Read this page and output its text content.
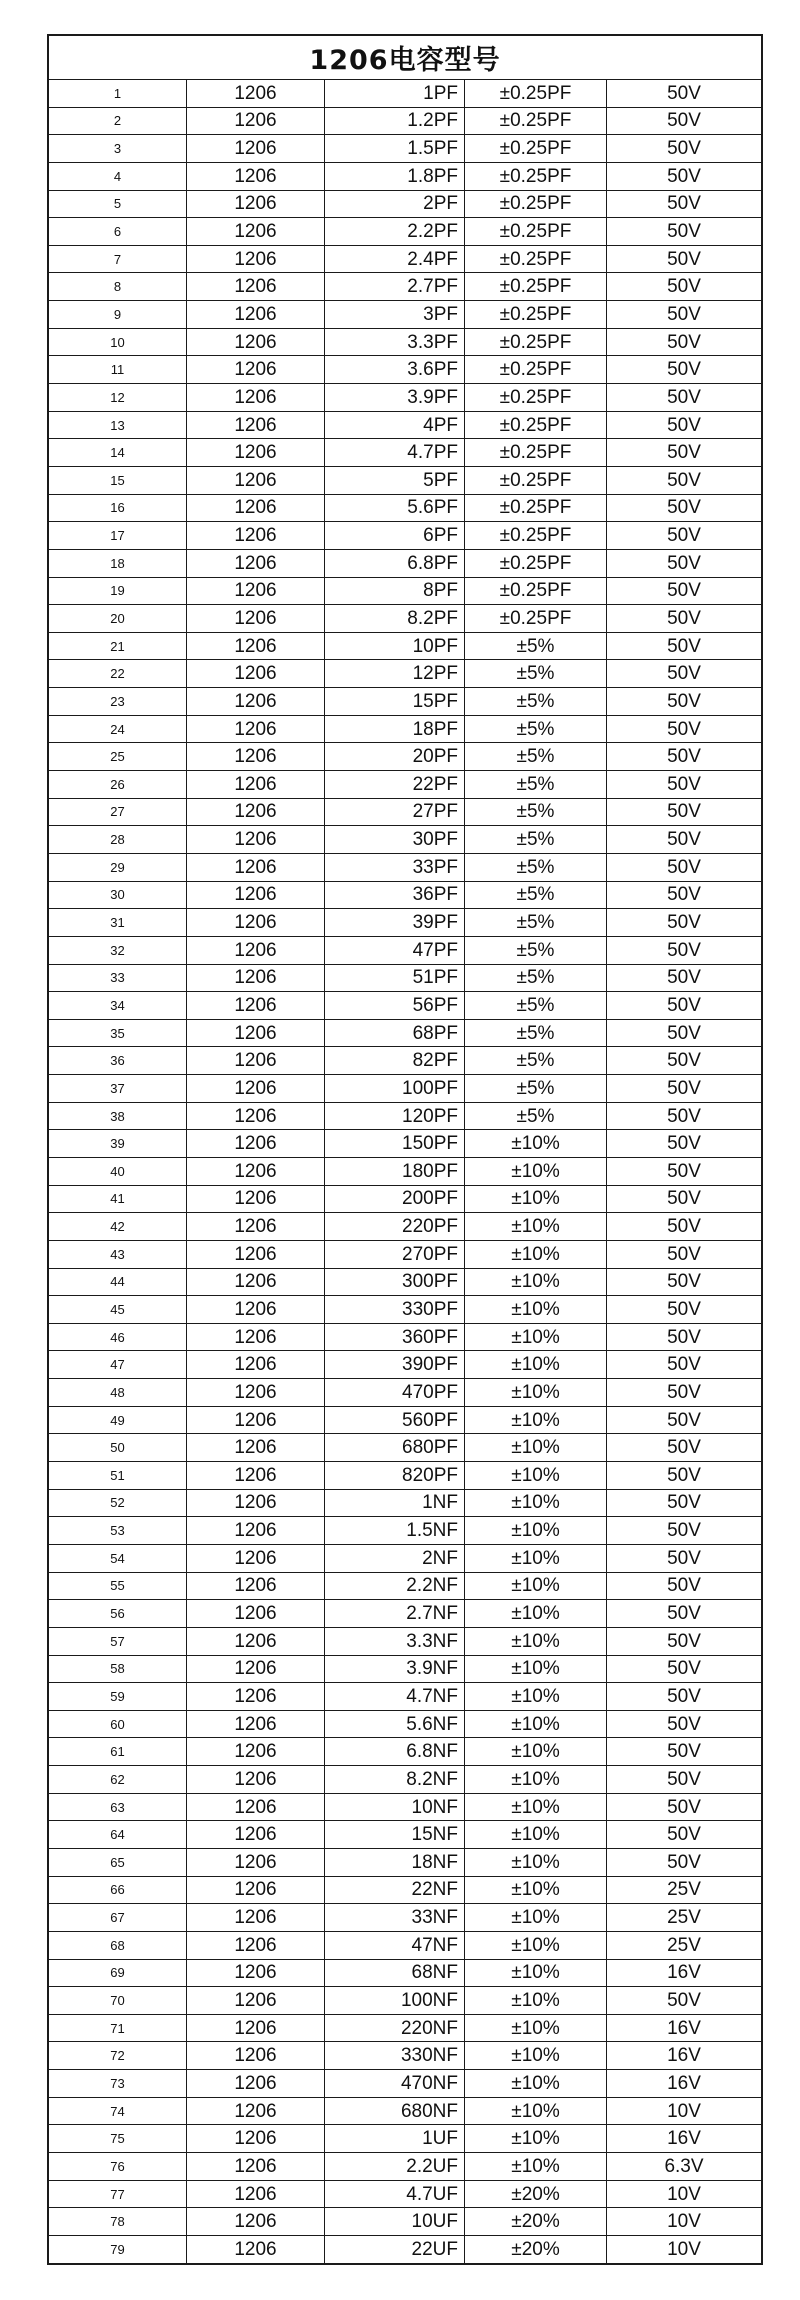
1206电容型号
1	1206	1PF	±0.25PF	50V
2	1206	1.2PF	±0.25PF	50V
3	1206	1.5PF	±0.25PF	50V
4	1206	1.8PF	±0.25PF	50V
5	1206	2PF	±0.25PF	50V
6	1206	2.2PF	±0.25PF	50V
7	1206	2.4PF	±0.25PF	50V
8	1206	2.7PF	±0.25PF	50V
9	1206	3PF	±0.25PF	50V
10	1206	3.3PF	±0.25PF	50V
11	1206	3.6PF	±0.25PF	50V
12	1206	3.9PF	±0.25PF	50V
13	1206	4PF	±0.25PF	50V
14	1206	4.7PF	±0.25PF	50V
15	1206	5PF	±0.25PF	50V
16	1206	5.6PF	±0.25PF	50V
17	1206	6PF	±0.25PF	50V
18	1206	6.8PF	±0.25PF	50V
19	1206	8PF	±0.25PF	50V
20	1206	8.2PF	±0.25PF	50V
21	1206	10PF	±5%	50V
22	1206	12PF	±5%	50V
23	1206	15PF	±5%	50V
24	1206	18PF	±5%	50V
25	1206	20PF	±5%	50V
26	1206	22PF	±5%	50V
27	1206	27PF	±5%	50V
28	1206	30PF	±5%	50V
29	1206	33PF	±5%	50V
30	1206	36PF	±5%	50V
31	1206	39PF	±5%	50V
32	1206	47PF	±5%	50V
33	1206	51PF	±5%	50V
34	1206	56PF	±5%	50V
35	1206	68PF	±5%	50V
36	1206	82PF	±5%	50V
37	1206	100PF	±5%	50V
38	1206	120PF	±5%	50V
39	1206	150PF	±10%	50V
40	1206	180PF	±10%	50V
41	1206	200PF	±10%	50V
42	1206	220PF	±10%	50V
43	1206	270PF	±10%	50V
44	1206	300PF	±10%	50V
45	1206	330PF	±10%	50V
46	1206	360PF	±10%	50V
47	1206	390PF	±10%	50V
48	1206	470PF	±10%	50V
49	1206	560PF	±10%	50V
50	1206	680PF	±10%	50V
51	1206	820PF	±10%	50V
52	1206	1NF	±10%	50V
53	1206	1.5NF	±10%	50V
54	1206	2NF	±10%	50V
55	1206	2.2NF	±10%	50V
56	1206	2.7NF	±10%	50V
57	1206	3.3NF	±10%	50V
58	1206	3.9NF	±10%	50V
59	1206	4.7NF	±10%	50V
60	1206	5.6NF	±10%	50V
61	1206	6.8NF	±10%	50V
62	1206	8.2NF	±10%	50V
63	1206	10NF	±10%	50V
64	1206	15NF	±10%	50V
65	1206	18NF	±10%	50V
66	1206	22NF	±10%	25V
67	1206	33NF	±10%	25V
68	1206	47NF	±10%	25V
69	1206	68NF	±10%	16V
70	1206	100NF	±10%	50V
71	1206	220NF	±10%	16V
72	1206	330NF	±10%	16V
73	1206	470NF	±10%	16V
74	1206	680NF	±10%	10V
75	1206	1UF	±10%	16V
76	1206	2.2UF	±10%	6.3V
77	1206	4.7UF	±20%	10V
78	1206	10UF	±20%	10V
79	1206	22UF	±20%	10V
